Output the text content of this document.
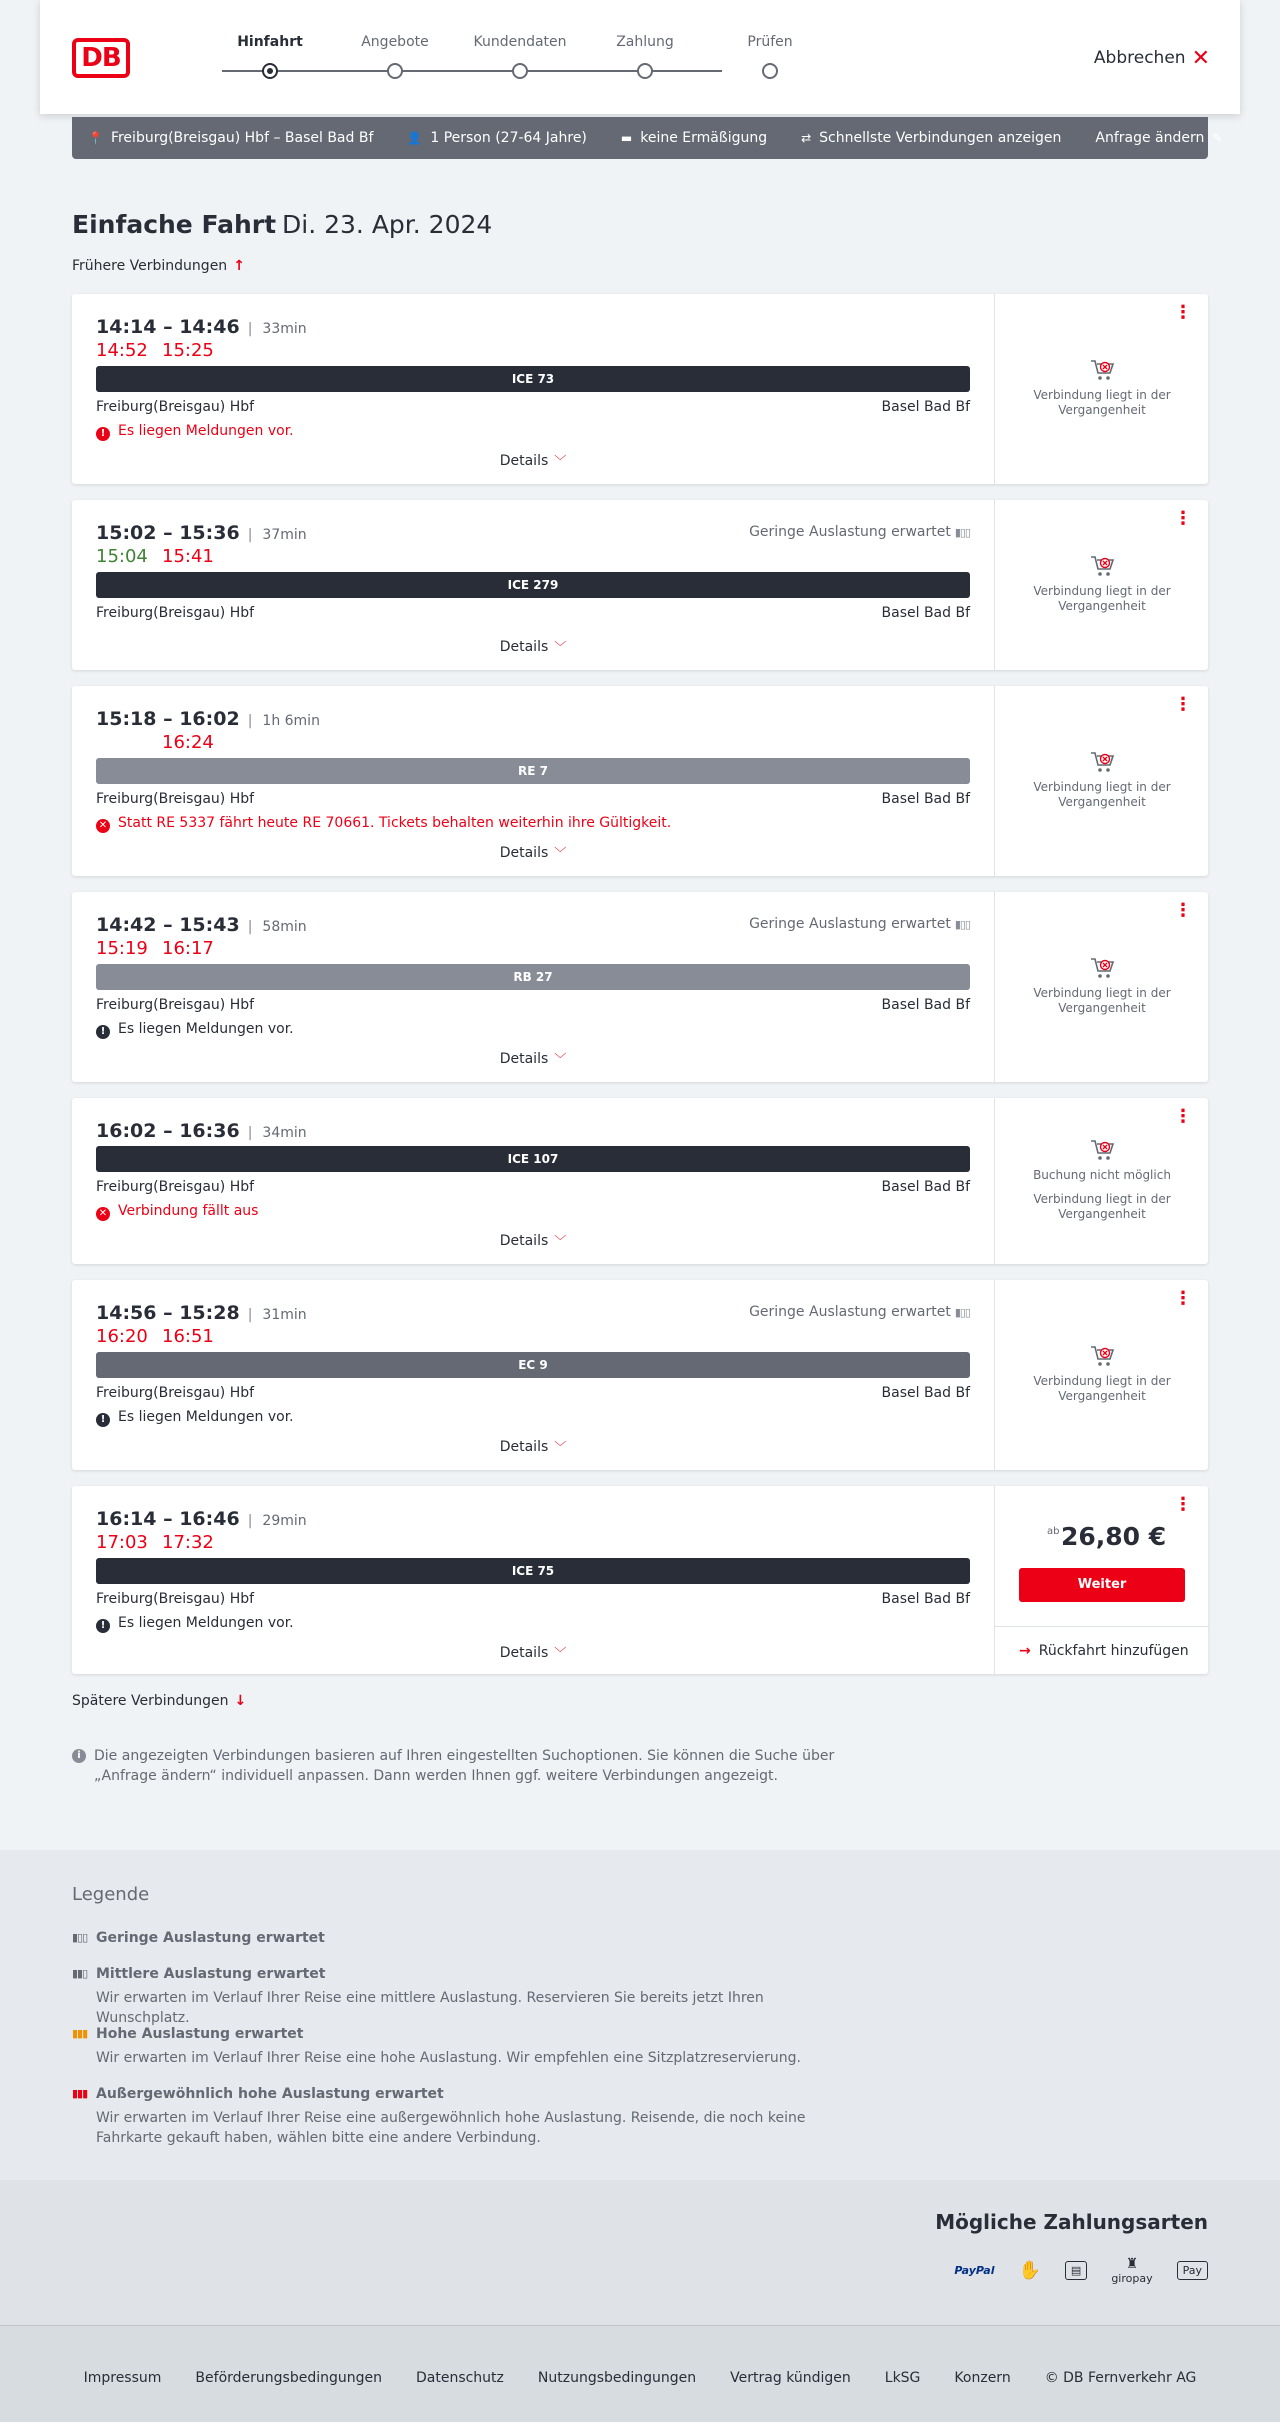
DB
Hinfahrt	Angebote	Kundendaten	Zahlung	Prüfen
Abbrechen ✕
📍 Freiburg(Breisgau) Hbf – Basel Bad Bf	👤 1 Person (27-64 Jahre)	▬ keine Ermäßigung	⇄ Schnellste Verbindungen anzeigen Anfrage ändern ✎
Einfache Fahrt Di. 23. Apr. 2024
Frühere Verbindungen ↑
14:14 – 14:46 | 33min
14:52 15:25
ICE 73
Freiburg(Breisgau) Hbf	Basel Bad Bf
! Es liegen Meldungen vor.
Details ﹀
⋮
Verbindung liegt in der Vergangenheit
15:02 – 15:36 | 37min	Geringe Auslastung erwartet ▮▯▯
15:04 15:41
ICE 279
Freiburg(Breisgau) Hbf	Basel Bad Bf
Details ﹀
⋮
Verbindung liegt in der Vergangenheit
15:18 – 16:02 | 1h 6min
16:24
RE 7
Freiburg(Breisgau) Hbf	Basel Bad Bf
✕ Statt RE 5337 fährt heute RE 70661. Tickets behalten weiterhin ihre Gültigkeit.
Details ﹀
⋮
Verbindung liegt in der Vergangenheit
14:42 – 15:43 | 58min	Geringe Auslastung erwartet ▮▯▯
15:19 16:17
RB 27
Freiburg(Breisgau) Hbf	Basel Bad Bf
! Es liegen Meldungen vor.
Details ﹀
⋮
Verbindung liegt in der Vergangenheit
16:02 – 16:36 | 34min
ICE 107
Freiburg(Breisgau) Hbf	Basel Bad Bf
✕ Verbindung fällt aus
Details ﹀
⋮
Buchung nicht möglich
Verbindung liegt in der Vergangenheit
14:56 – 15:28 | 31min	Geringe Auslastung erwartet ▮▯▯
16:20 16:51
EC 9
Freiburg(Breisgau) Hbf	Basel Bad Bf
! Es liegen Meldungen vor.
Details ﹀
⋮
Verbindung liegt in der Vergangenheit
16:14 – 16:46 | 29min
17:03 17:32
ICE 75
Freiburg(Breisgau) Hbf	Basel Bad Bf
! Es liegen Meldungen vor.
Details ﹀
⋮
ab 26,80 €
Weiter
→ Rückfahrt hinzufügen
Spätere Verbindungen ↓
i Die angezeigten Verbindungen basieren auf Ihren eingestellten Suchoptionen. Sie können die Suche über „Anfrage ändern“ individuell anpassen. Dann werden Ihnen ggf. weitere Verbindungen angezeigt.
Legende
▮▯▯ Geringe Auslastung erwartet
▮▮▯ Mittlere Auslastung erwartet
Wir erwarten im Verlauf Ihrer Reise eine mittlere Auslastung. Reservieren Sie bereits jetzt Ihren Wunschplatz.
▮▮▮ Hohe Auslastung erwartet
Wir erwarten im Verlauf Ihrer Reise eine hohe Auslastung. Wir empfehlen eine Sitzplatzreservierung.
▮▮▮ Außergewöhnlich hohe Auslastung erwartet
Wir erwarten im Verlauf Ihrer Reise eine außergewöhnlich hohe Auslastung. Reisende, die noch keine Fahrkarte gekauft haben, wählen bitte eine andere Verbindung.
Mögliche Zahlungsarten
PayPal ✋	▤	♜
giropay
Pay
Impressum Beförderungsbedingungen Datenschutz Nutzungsbedingungen Vertrag kündigen LkSG Konzern © DB Fernverkehr AG
